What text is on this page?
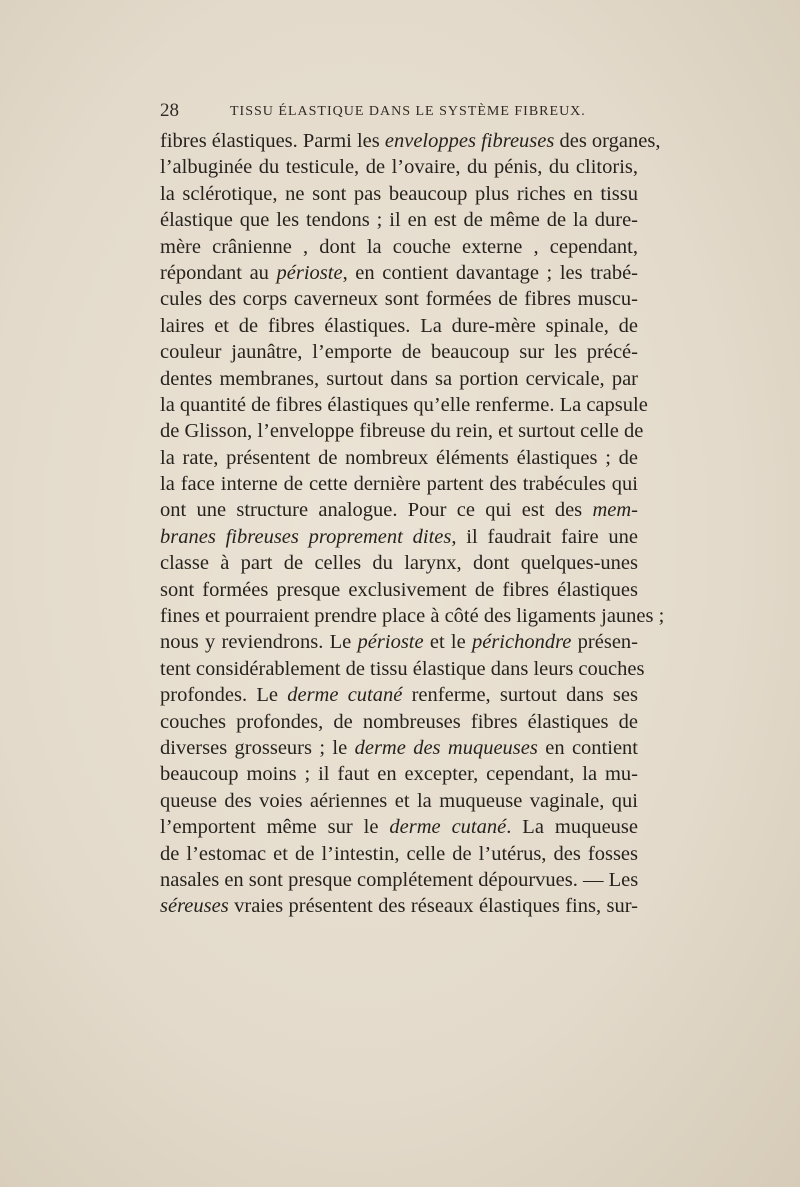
28	TISSU ÉLASTIQUE DANS LE SYSTÈME FIBREUX.
fibres élastiques. Parmi les enveloppes fibreuses des organes,
l’albuginée du testicule, de l’ovaire, du pénis, du clitoris,
la sclérotique, ne sont pas beaucoup plus riches en tissu
élastique que les tendons ; il en est de même de la dure-
mère crânienne , dont la couche externe , cependant,
répondant au périoste, en contient davantage ; les trabé-
cules des corps caverneux sont formées de fibres muscu-
laires et de fibres élastiques. La dure-mère spinale, de
couleur jaunâtre, l’emporte de beaucoup sur les précé-
dentes membranes, surtout dans sa portion cervicale, par
la quantité de fibres élastiques qu’elle renferme. La capsule
de Glisson, l’enveloppe fibreuse du rein, et surtout celle de
la rate, présentent de nombreux éléments élastiques ; de
la face interne de cette dernière partent des trabécules qui
ont une structure analogue. Pour ce qui est des mem-
branes fibreuses proprement dites, il faudrait faire une
classe à part de celles du larynx, dont quelques-unes
sont formées presque exclusivement de fibres élastiques
fines et pourraient prendre place à côté des ligaments jaunes ;
nous y reviendrons. Le périoste et le périchondre présen-
tent considérablement de tissu élastique dans leurs couches
profondes. Le derme cutané renferme, surtout dans ses
couches profondes, de nombreuses fibres élastiques de
diverses grosseurs ; le derme des muqueuses en contient
beaucoup moins ; il faut en excepter, cependant, la mu-
queuse des voies aériennes et la muqueuse vaginale, qui
l’emportent même sur le derme cutané. La muqueuse
de l’estomac et de l’intestin, celle de l’utérus, des fosses
nasales en sont presque complétement dépourvues. — Les
séreuses vraies présentent des réseaux élastiques fins, sur-
